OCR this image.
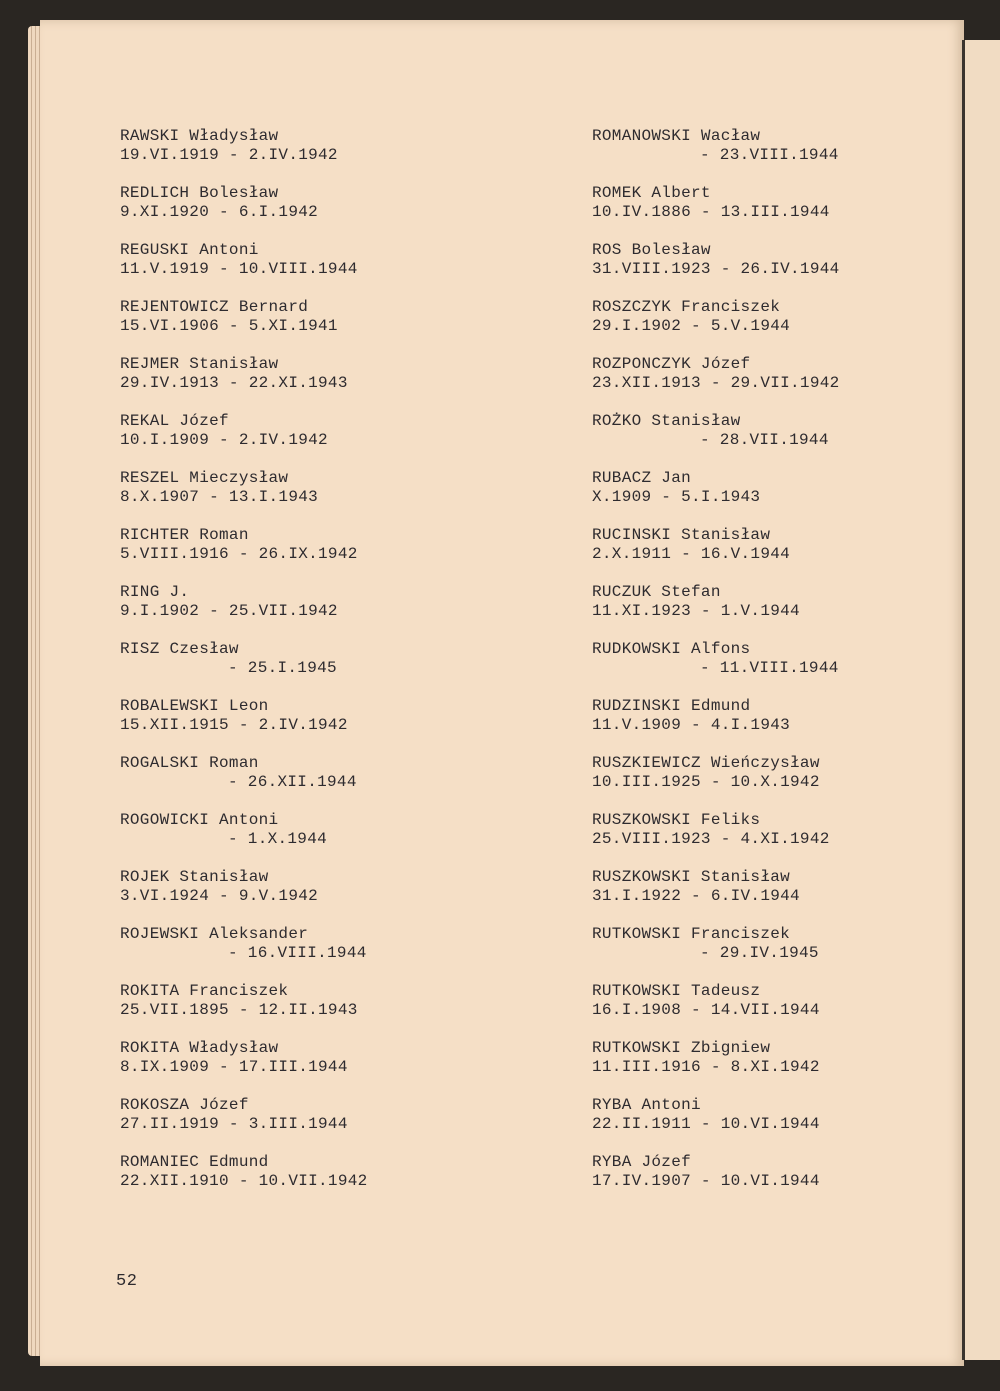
RAWSKI Władysław
19.VI.1919 - 2.IV.1942
REDLICH Bolesław
9.XI.1920 - 6.I.1942
REGUSKI Antoni
11.V.1919 - 10.VIII.1944
REJENTOWICZ Bernard
15.VI.1906 - 5.XI.1941
REJMER Stanisław
29.IV.1913 - 22.XI.1943
REKAL Józef
10.I.1909 - 2.IV.1942
RESZEL Mieczysław
8.X.1907 - 13.I.1943
RICHTER Roman
5.VIII.1916 - 26.IX.1942
RING J.
9.I.1902 - 25.VII.1942
RISZ Czesław
- 25.I.1945
ROBALEWSKI Leon
15.XII.1915 - 2.IV.1942
ROGALSKI Roman
- 26.XII.1944
ROGOWICKI Antoni
- 1.X.1944
ROJEK Stanisław
3.VI.1924 - 9.V.1942
ROJEWSKI Aleksander
- 16.VIII.1944
ROKITA Franciszek
25.VII.1895 - 12.II.1943
ROKITA Władysław
8.IX.1909 - 17.III.1944
ROKOSZA Józef
27.II.1919 - 3.III.1944
ROMANIEC Edmund
22.XII.1910 - 10.VII.1942
ROMANOWSKI Wacław
- 23.VIII.1944
ROMEK Albert
10.IV.1886 - 13.III.1944
ROS Bolesław
31.VIII.1923 - 26.IV.1944
ROSZCZYK Franciszek
29.I.1902 - 5.V.1944
ROZPONCZYK Józef
23.XII.1913 - 29.VII.1942
ROŻKO Stanisław
- 28.VII.1944
RUBACZ Jan
X.1909 - 5.I.1943
RUCINSKI Stanisław
2.X.1911 - 16.V.1944
RUCZUK Stefan
11.XI.1923 - 1.V.1944
RUDKOWSKI Alfons
- 11.VIII.1944
RUDZINSKI Edmund
11.V.1909 - 4.I.1943
RUSZKIEWICZ Wieńczysław
10.III.1925 - 10.X.1942
RUSZKOWSKI Feliks
25.VIII.1923 - 4.XI.1942
RUSZKOWSKI Stanisław
31.I.1922 - 6.IV.1944
RUTKOWSKI Franciszek
- 29.IV.1945
RUTKOWSKI Tadeusz
16.I.1908 - 14.VII.1944
RUTKOWSKI Zbigniew
11.III.1916 - 8.XI.1942
RYBA Antoni
22.II.1911 - 10.VI.1944
RYBA Józef
17.IV.1907 - 10.VI.1944
52
